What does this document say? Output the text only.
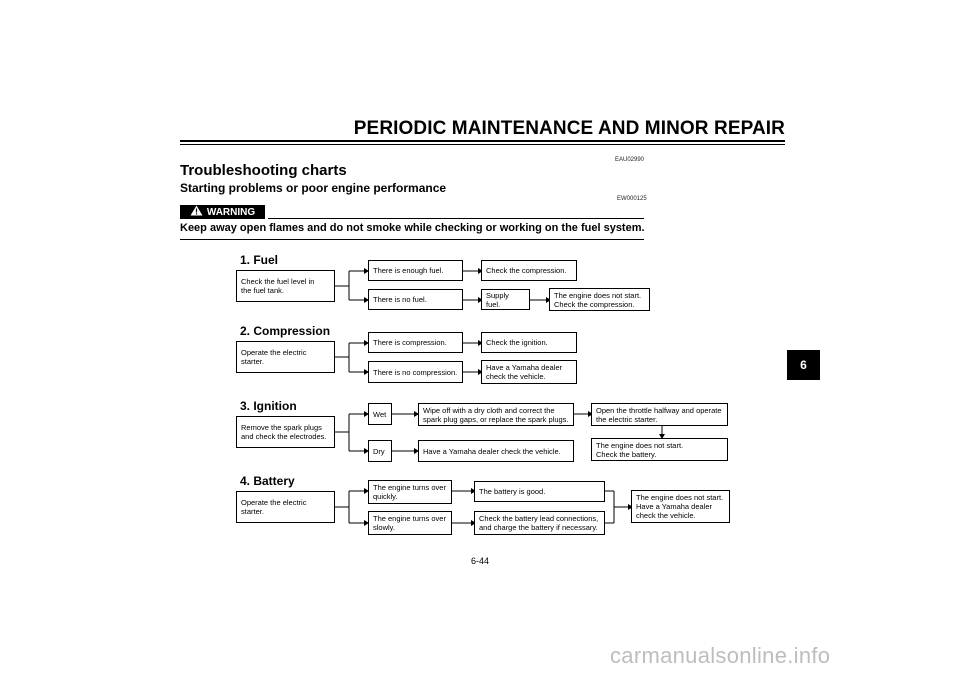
PERIODIC MAINTENANCE AND MINOR REPAIR
EAU02990
Troubleshooting charts
Starting problems or poor engine performance
EW000125
WARNING
Keep away open flames and do not smoke while checking or working on the fuel system.
1. Fuel
Check the fuel level in
the fuel tank.
There is enough fuel.	Check the compression.
There is no fuel.	Supply fuel.
The engine does not start.
Check the compression.
2. Compression
Operate the electric starter.
There is compression.	Check the ignition.
There is no compression.	Have a Yamaha dealer
check the vehicle.
3. Ignition
Remove the spark plugs
and check the electrodes.
Wet	Wipe off with a dry cloth and correct the
spark plug gaps, or replace the spark plugs.
Open the throttle halfway and operate
the electric starter.
Dry	Have a Yamaha dealer check the vehicle.
The engine does not start.
Check the battery.
4. Battery
Operate the electric starter.
The engine turns over
quickly.
The battery is good.
The engine turns over
slowly.
Check the battery lead connections,
and charge the battery if necessary.
The engine does not start.
Have a Yamaha dealer
check the vehicle.
6
6-44
carmanualsonline.info
